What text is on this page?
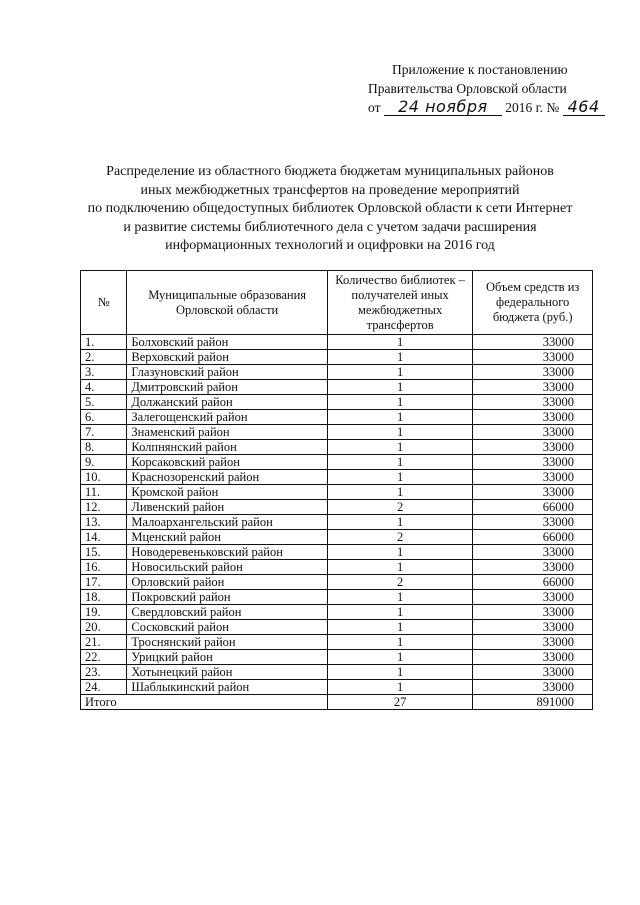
Приложение к постановлению
Правительства Орловской области
от 24 ноября 2016 г. № 464
Распределение из областного бюджета бюджетам муниципальных районов
иных межбюджетных трансфертов на проведение мероприятий
по подключению общедоступных библиотек Орловской области к сети Интернет
и развитие системы библиотечного дела с учетом задачи расширения
информационных технологий и оцифровки на 2016 год
№	Муниципальные образования Орловской области	Количество библиотек – получателей иных межбюджетных трансфертов	Объем средств из федерального бюджета (руб.)
1.	Болховский район	1	33000
2.	Верховский район	1	33000
3.	Глазуновский район	1	33000
4.	Дмитровский район	1	33000
5.	Должанский район	1	33000
6.	Залегощенский район	1	33000
7.	Знаменский район	1	33000
8.	Колпнянский район	1	33000
9.	Корсаковский район	1	33000
10.	Краснозоренский район	1	33000
11.	Кромской район	1	33000
12.	Ливенский район	2	66000
13.	Малоархангельский район	1	33000
14.	Мценский район	2	66000
15.	Новодеревеньковский район	1	33000
16.	Новосильский район	1	33000
17.	Орловский район	2	66000
18.	Покровский район	1	33000
19.	Свердловский район	1	33000
20.	Сосковский район	1	33000
21.	Троснянский район	1	33000
22.	Урицкий район	1	33000
23.	Хотынецкий район	1	33000
24.	Шаблыкинский район	1	33000
Итого		27	891000
